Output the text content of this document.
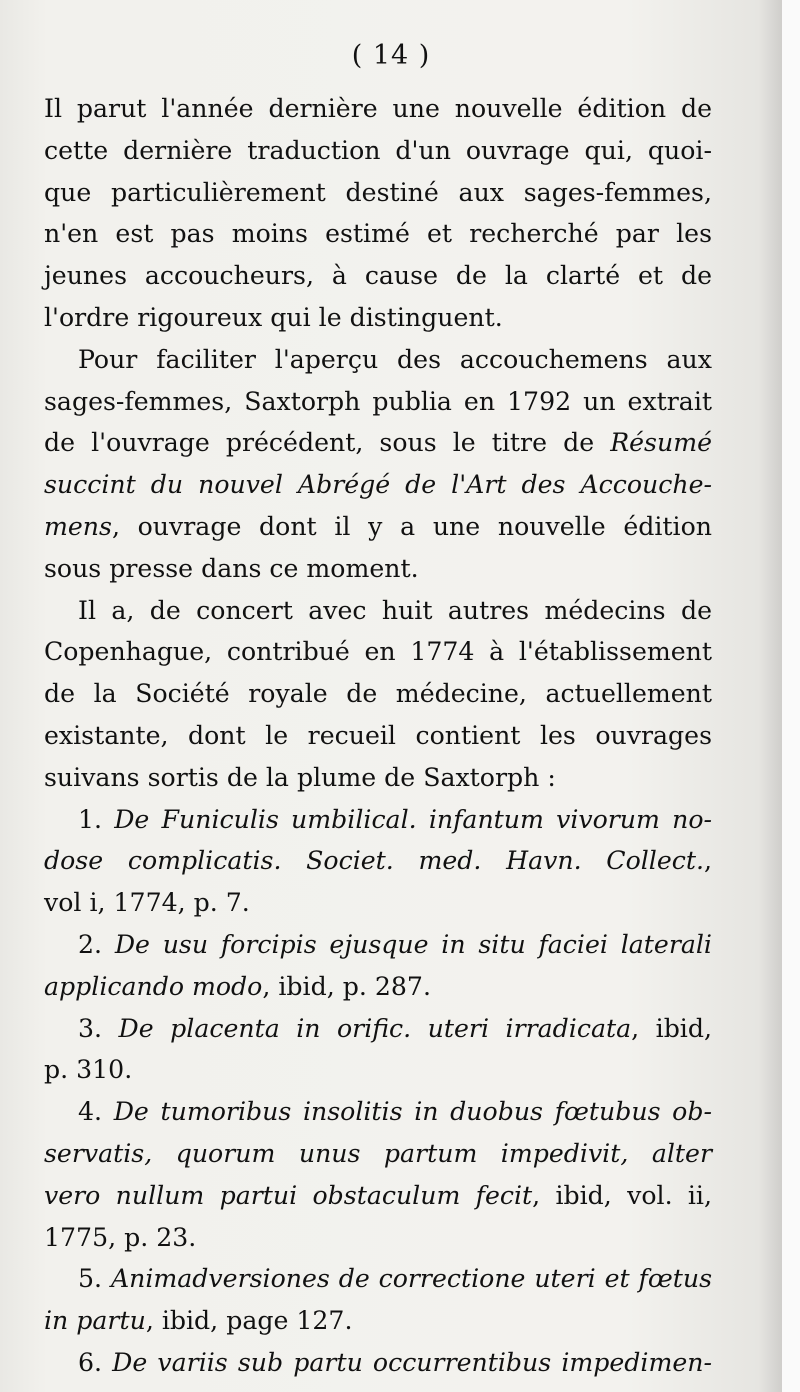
( 14 )
Il parut l'année dernière une nouvelle édition de
cette dernière traduction d'un ouvrage qui, quoi-
que particulièrement destiné aux sages-femmes,
n'en est pas moins estimé et recherché par les
jeunes accoucheurs, à cause de la clarté et de
l'ordre rigoureux qui le distinguent.
Pour faciliter l'aperçu des accouchemens aux
sages-femmes, Saxtorph publia en 1792 un extrait
de l'ouvrage précédent, sous le titre de Résumé
succint du nouvel Abrégé de l'Art des Accouche-
mens, ouvrage dont il y a une nouvelle édition
sous presse dans ce moment.
Il a, de concert avec huit autres médecins de
Copenhague, contribué en 1774 à l'établissement
de la Société royale de médecine, actuellement
existante, dont le recueil contient les ouvrages
suivans sortis de la plume de Saxtorph :
1. De Funiculis umbilical. infantum vivorum no-
dose complicatis. Societ. med. Havn. Collect.,
vol i, 1774, p. 7.
2. De usu forcipis ejusque in situ faciei laterali
applicando modo, ibid, p. 287.
3. De placenta in orific. uteri irradicata, ibid,
p. 310.
4. De tumoribus insolitis in duobus fœtubus ob-
servatis, quorum unus partum impedivit, alter
vero nullum partui obstaculum fecit, ibid, vol. ii,
1775, p. 23.
5. Animadversiones de correctione uteri et fœtus
in partu, ibid, page 127.
6. De variis sub partu occurrentibus impedimen-
